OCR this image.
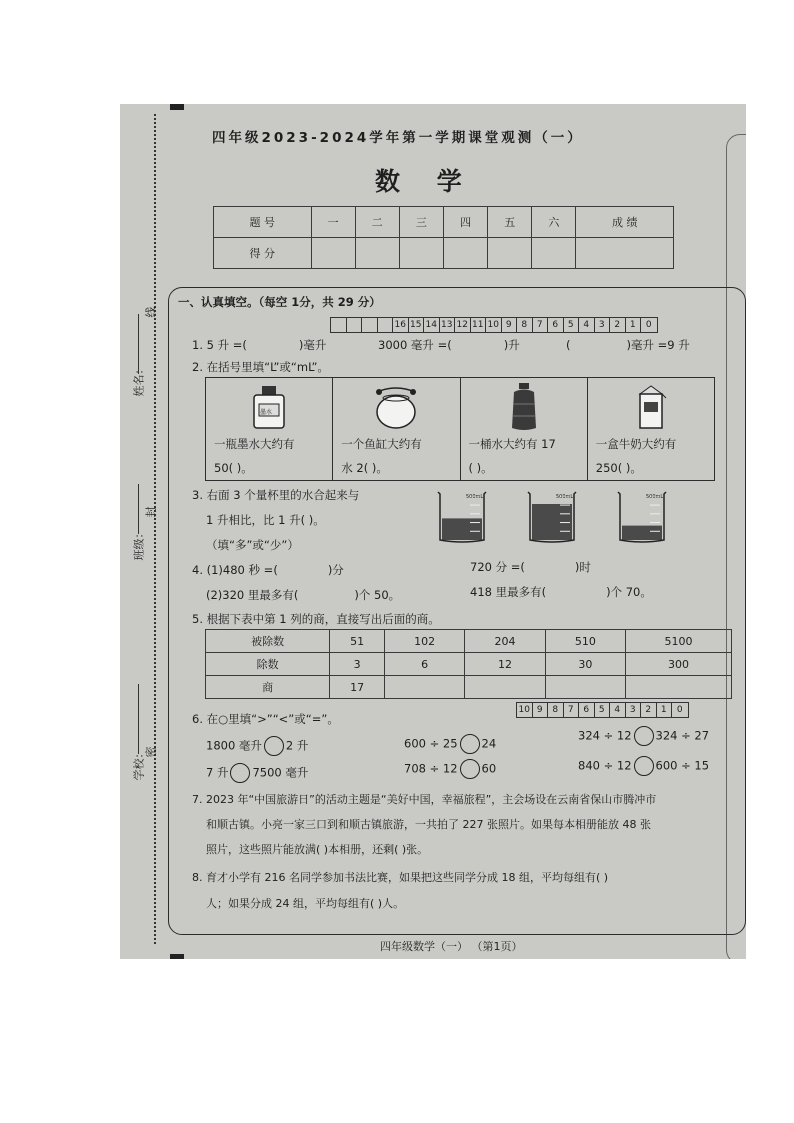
姓名：
线
班级：
封
学校： 密
四年级2023-2024学年第一学期课堂观测（一）
数 学
题 号	一	二	三	四	五	六	成 绩
得 分							
一、认真填空。（每空 1分，共 29 分）
16 15 14 13 12 11 10 9	8	7	6	5	4	3	2	1	0
1. 5 升 =(	)毫升	3000 毫升 =(	)升	(	)毫升 =9 升
2. 在括号里填“L”或“mL”。
墨水
一瓶墨水大约有
50( )。
一个鱼缸大约有
水 2( )。
一桶水大约有 17
( )。
一盒牛奶大约有
250( )。
3. 右面 3 个量杯里的水合起来与
1 升相比，比 1 升( )。
（填“多”或“少”）
500mL	500mL	500mL
4. (1)480 秒 =(	)分	720 分 =(	)时
(2)320 里最多有(	)个 50。	418 里最多有(	)个 70。
5. 根据下表中第 1 列的商，直接写出后面的商。
被除数	51	102	204	510	5100
除数	3	6	12	30	300
商	17				
10 9	8	7	6	5	4	3	2	1	0
6. 在○里填“>”“<”或“=”。
1800 毫升 2 升	600 ÷ 25 24
324 ÷ 12 324 ÷ 27
7 升 7500 毫升	708 ÷ 12 60	840 ÷ 12 600 ÷ 15
7. 2023 年“中国旅游日”的活动主题是“美好中国，幸福旅程”，主会场设在云南省保山市腾冲市
和顺古镇。小亮一家三口到和顺古镇旅游，一共拍了 227 张照片。如果每本相册能放 48 张
照片，这些照片能放满( )本相册，还剩( )张。
8. 育才小学有 216 名同学参加书法比赛，如果把这些同学分成 18 组，平均每组有( )
人；如果分成 24 组，平均每组有( )人。
四年级数学（一） （第1页）
